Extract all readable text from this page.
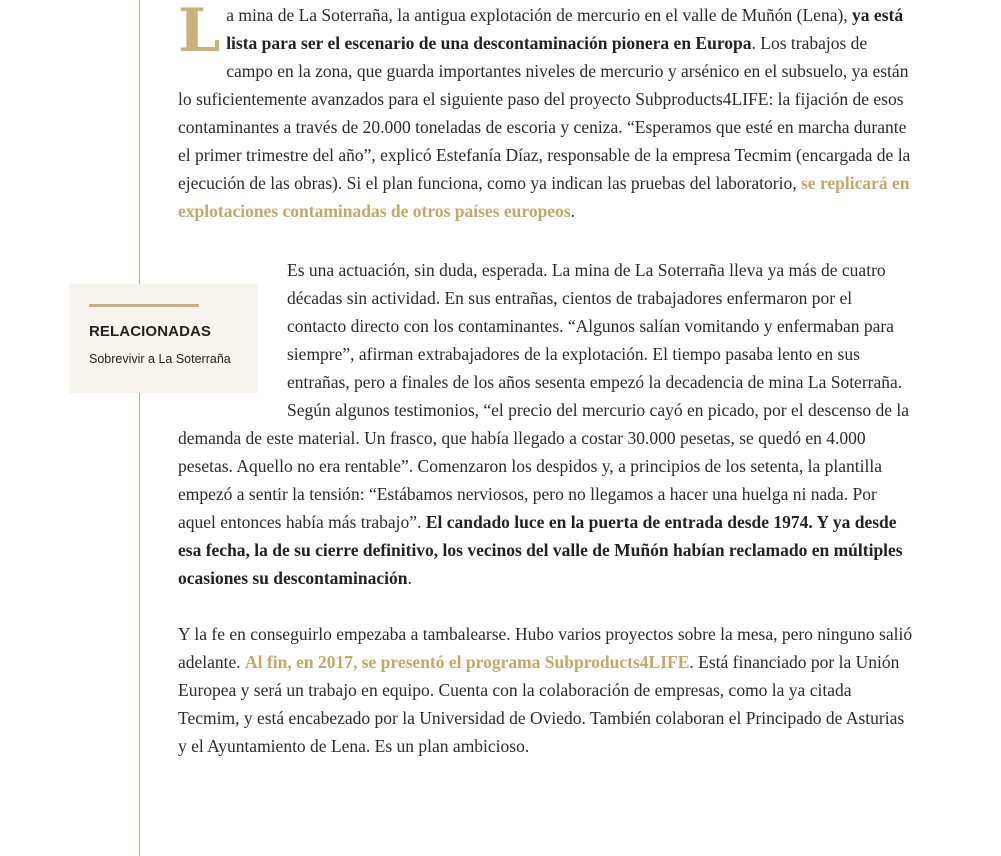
L a mina de La Soterraña, la antigua explotación de mercurio en el valle de Muñón (Lena), ya está lista para ser el escenario de una descontaminación pionera en Europa. Los trabajos de campo en la zona, que guarda importantes niveles de mercurio y arsénico en el subsuelo, ya están lo suficientemente avanzados para el siguiente paso del proyecto Subproducts4LIFE: la fijación de esos contaminantes a través de 20.000 toneladas de escoria y ceniza. “Esperamos que esté en marcha durante el primer trimestre del año”, explicó Estefanía Díaz, responsable de la empresa Tecmim (encargada de la ejecución de las obras). Si el plan funciona, como ya indican las pruebas del laboratorio, se replicará en explotaciones contaminadas de otros países europeos.

Es una actuación, sin duda, esperada. La mina de La Soterraña lleva ya más de cuatro décadas sin actividad. En sus entrañas, cientos de trabajadores enfermaron por el contacto directo con los contaminantes. “Algunos salían vomitando y enfermaban para siempre”, afirman extrabajadores de la explotación. El tiempo pasaba lento en sus entrañas, pero a finales de los años sesenta empezó la decadencia de mina La Soterraña. Según algunos testimonios, “el precio del mercurio cayó en picado, por el descenso de la demanda de este material. Un frasco, que había llegado a costar 30.000 pesetas, se quedó en 4.000 pesetas. Aquello no era rentable”. Comenzaron los despidos y, a principios de los setenta, la plantilla empezó a sentir la tensión: “Estábamos nerviosos, pero no llegamos a hacer una huelga ni nada. Por aquel entonces había más trabajo”. El candado luce en la puerta de entrada desde 1974. Y ya desde esa fecha, la de su cierre definitivo, los vecinos del valle de Muñón habían reclamado en múltiples ocasiones su descontaminación.

Y la fe en conseguirlo empezaba a tambalearse. Hubo varios proyectos sobre la mesa, pero ninguno salió adelante. Al fin, en 2017, se presentó el programa Subproducts4LIFE. Está financiado por la Unión Europea y será un trabajo en equipo. Cuenta con la colaboración de empresas, como la ya citada Tecmim, y está encabezado por la Universidad de Oviedo. También colaboran el Principado de Asturias y el Ayuntamiento de Lena. Es un plan ambicioso.

RELACIONADAS
Sobrevivir a La Soterraña
